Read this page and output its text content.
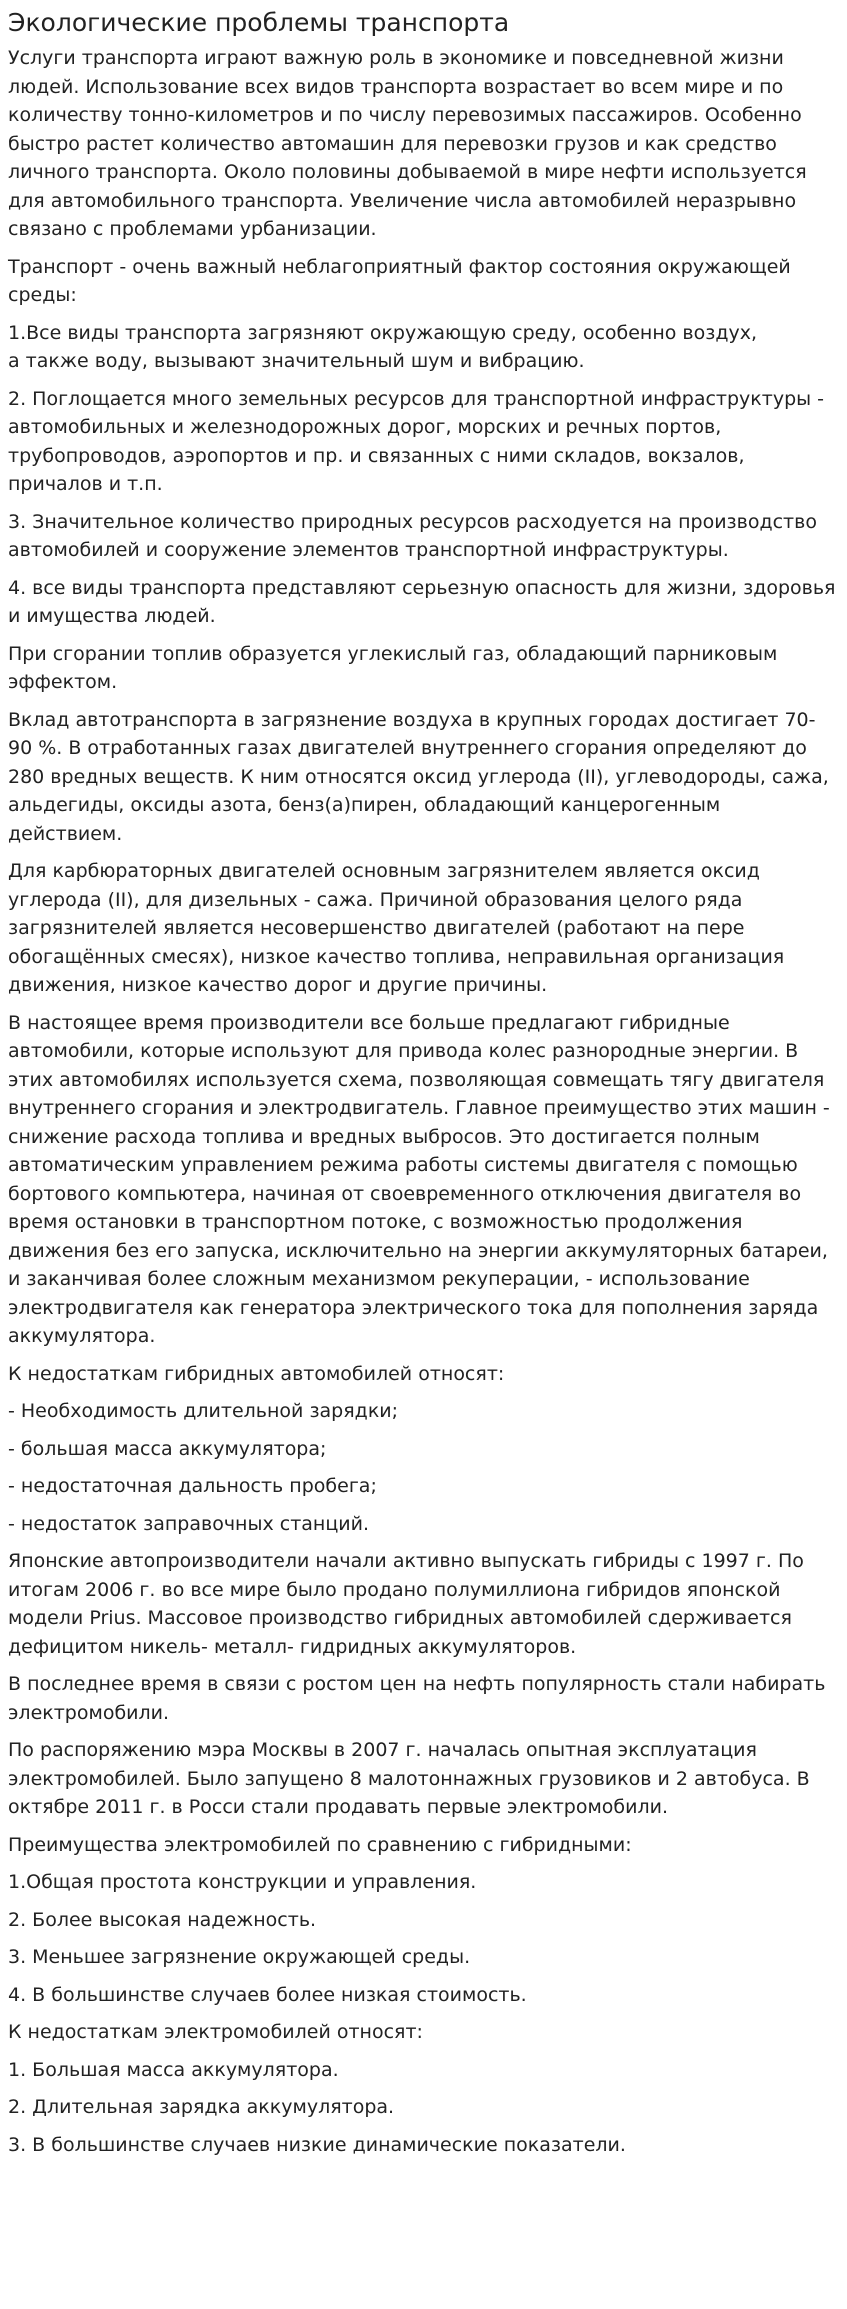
Экологические проблемы транспорта

Услуги транспорта играют важную роль в экономике и повседневной жизни людей. Использование всех видов транспорта возрастает во всем мире и по количеству тонно-километров и по числу перевозимых пассажиров. Особенно быстро растет количество автомашин для перевозки грузов и как средство личного транспорта. Около половины добываемой в мире нефти используется для автомобильного транспорта. Увеличение числа автомобилей неразрывно связано с проблемами урбанизации.

Транспорт - очень важный неблагоприятный фактор состояния окружающей среды:

1.Все виды транспорта загрязняют окружающую среду, особенно воздух,
а также воду, вызывают значительный шум и вибрацию.

2. Поглощается много земельных ресурсов для транспортной инфраструктуры - автомобильных и железнодорожных дорог, морских и речных портов, трубопроводов, аэропортов и пр. и связанных с ними складов, вокзалов, причалов и т.п.

3. Значительное количество природных ресурсов расходуется на производство автомобилей и сооружение элементов транспортной инфраструктуры.

4. все виды транспорта представляют серьезную опасность для жизни, здоровья и имущества людей.

При сгорании топлив образуется углекислый газ, обладающий парниковым эффектом.

Вклад автотранспорта в загрязнение воздуха в крупных городах достигает 70-90 %. В отработанных газах двигателей внутреннего сгорания определяют до 280 вредных веществ. К ним относятся оксид углерода (II), углеводороды, сажа, альдегиды, оксиды азота, бенз(а)пирен, обладающий канцерогенным действием.

Для карбюраторных двигателей основным загрязнителем является оксид углерода (II), для дизельных - сажа. Причиной образования целого ряда загрязнителей является несовершенство двигателей (работают на пере обогащённых смесях), низкое качество топлива, неправильная организация движения, низкое качество дорог и другие причины.

В настоящее время производители все больше предлагают гибридные автомобили, которые используют для привода колес разнородные энергии. В этих автомобилях используется схема, позволяющая совмещать тягу двигателя внутреннего сгорания и электродвигатель. Главное преимущество этих машин - снижение расхода топлива и вредных выбросов. Это достигается полным автоматическим управлением режима работы системы двигателя с помощью бортового компьютера, начиная от своевременного отключения двигателя во время остановки в транспортном потоке, с возможностью продолжения движения без его запуска, исключительно на энергии аккумуляторных батареи, и заканчивая более сложным механизмом рекуперации, - использование электродвигателя как генератора электрического тока для пополнения заряда аккумулятора.

К недостаткам гибридных автомобилей относят:

- Необходимость длительной зарядки;

- большая масса аккумулятора;

- недостаточная дальность пробега;

- недостаток заправочных станций.

Японские автопроизводители начали активно выпускать гибриды с 1997 г. По итогам 2006 г. во все мире было продано полумиллиона гибридов японской модели Prius. Массовое производство гибридных автомобилей сдерживается дефицитом никель- металл- гидридных аккумуляторов.

В последнее время в связи с ростом цен на нефть популярность стали набирать электромобили.

По распоряжению мэра Москвы в 2007 г. началась опытная эксплуатация электромобилей. Было запущено 8 малотоннажных грузовиков и 2 автобуса. В октябре 2011 г. в Росси стали продавать первые электромобили.

Преимущества электромобилей по сравнению с гибридными:

1.Общая простота конструкции и управления.

2. Более высокая надежность.

3. Меньшее загрязнение окружающей среды.

4. В большинстве случаев более низкая стоимость.

К недостаткам электромобилей относят:

1. Большая масса аккумулятора.

2. Длительная зарядка аккумулятора.

3. В большинстве случаев низкие динамические показатели.
